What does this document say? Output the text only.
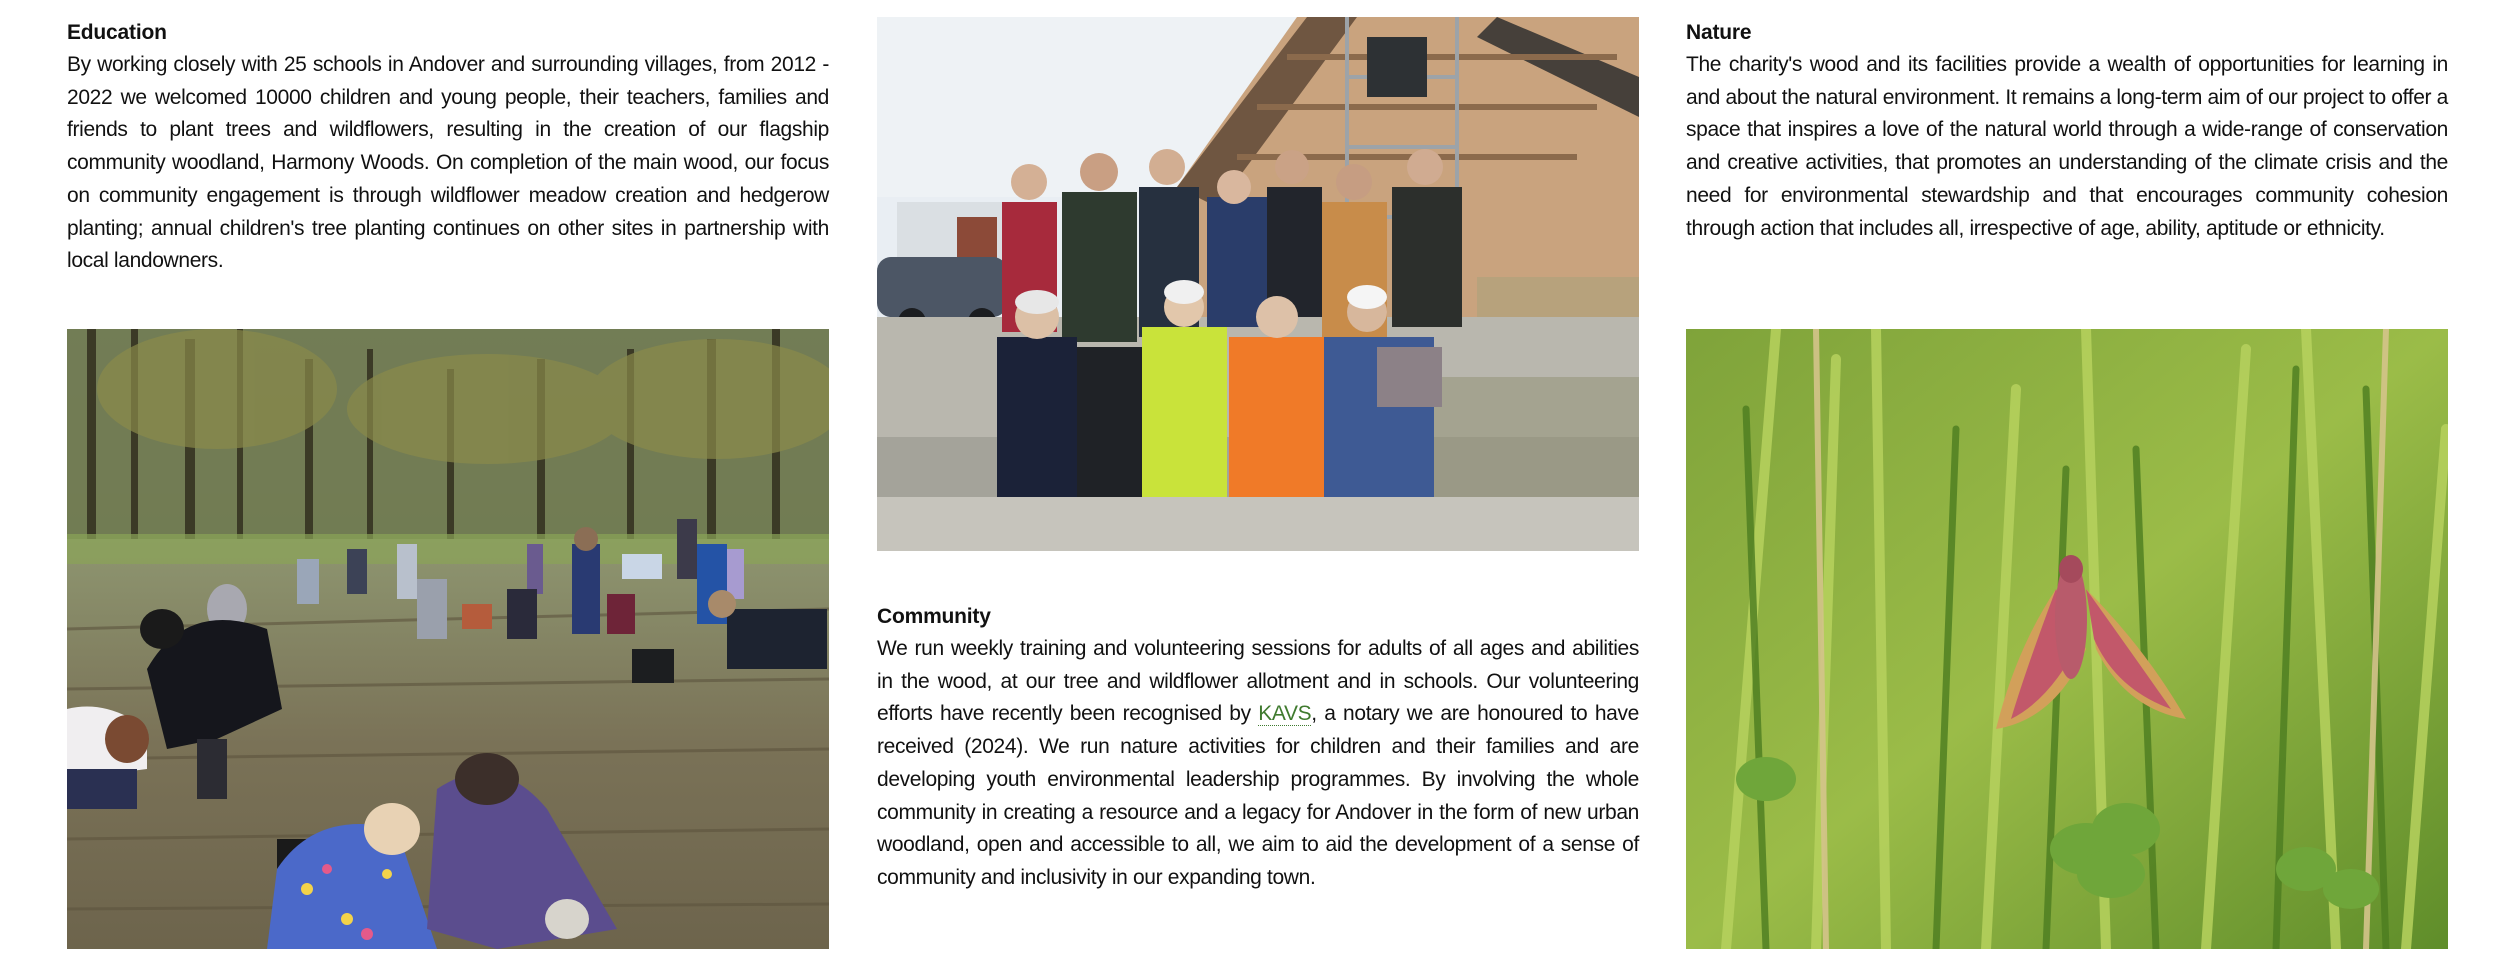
Education

By working closely with 25 schools in Andover and surrounding villages, from 2012 - 2022 we welcomed 10000 children and young people, their teachers, families and friends to plant trees and wildflowers, resulting in the creation of our flagship community woodland, Harmony Woods. On completion of the main wood, our focus on community engagement is through wildflower meadow creation and hedgerow planting; annual children's tree planting continues on other sites in partnership with local landowners.

Community

We run weekly training and volunteering sessions for adults of all ages and abilities in the wood, at our tree and wildflower allotment and in schools. Our volunteering efforts have recently been recognised by KAVS, a notary we are honoured to have received (2024). We run nature activities for children and their families and are developing youth environmental leadership programmes. By involving the whole community in creating a resource and a legacy for Andover in the form of new urban woodland, open and accessible to all, we aim to aid the development of a sense of community and inclusivity in our expanding town.

Nature

The charity's wood and its facilities provide a wealth of opportunities for learning in and about the natural environment. It remains a long-term aim of our project to offer a space that inspires a love of the natural world through a wide-range of conservation and creative activities, that promotes an understanding of the climate crisis and the need for environmental stewardship and that encourages community cohesion through action that includes all, irrespective of age, ability, aptitude or ethnicity.
